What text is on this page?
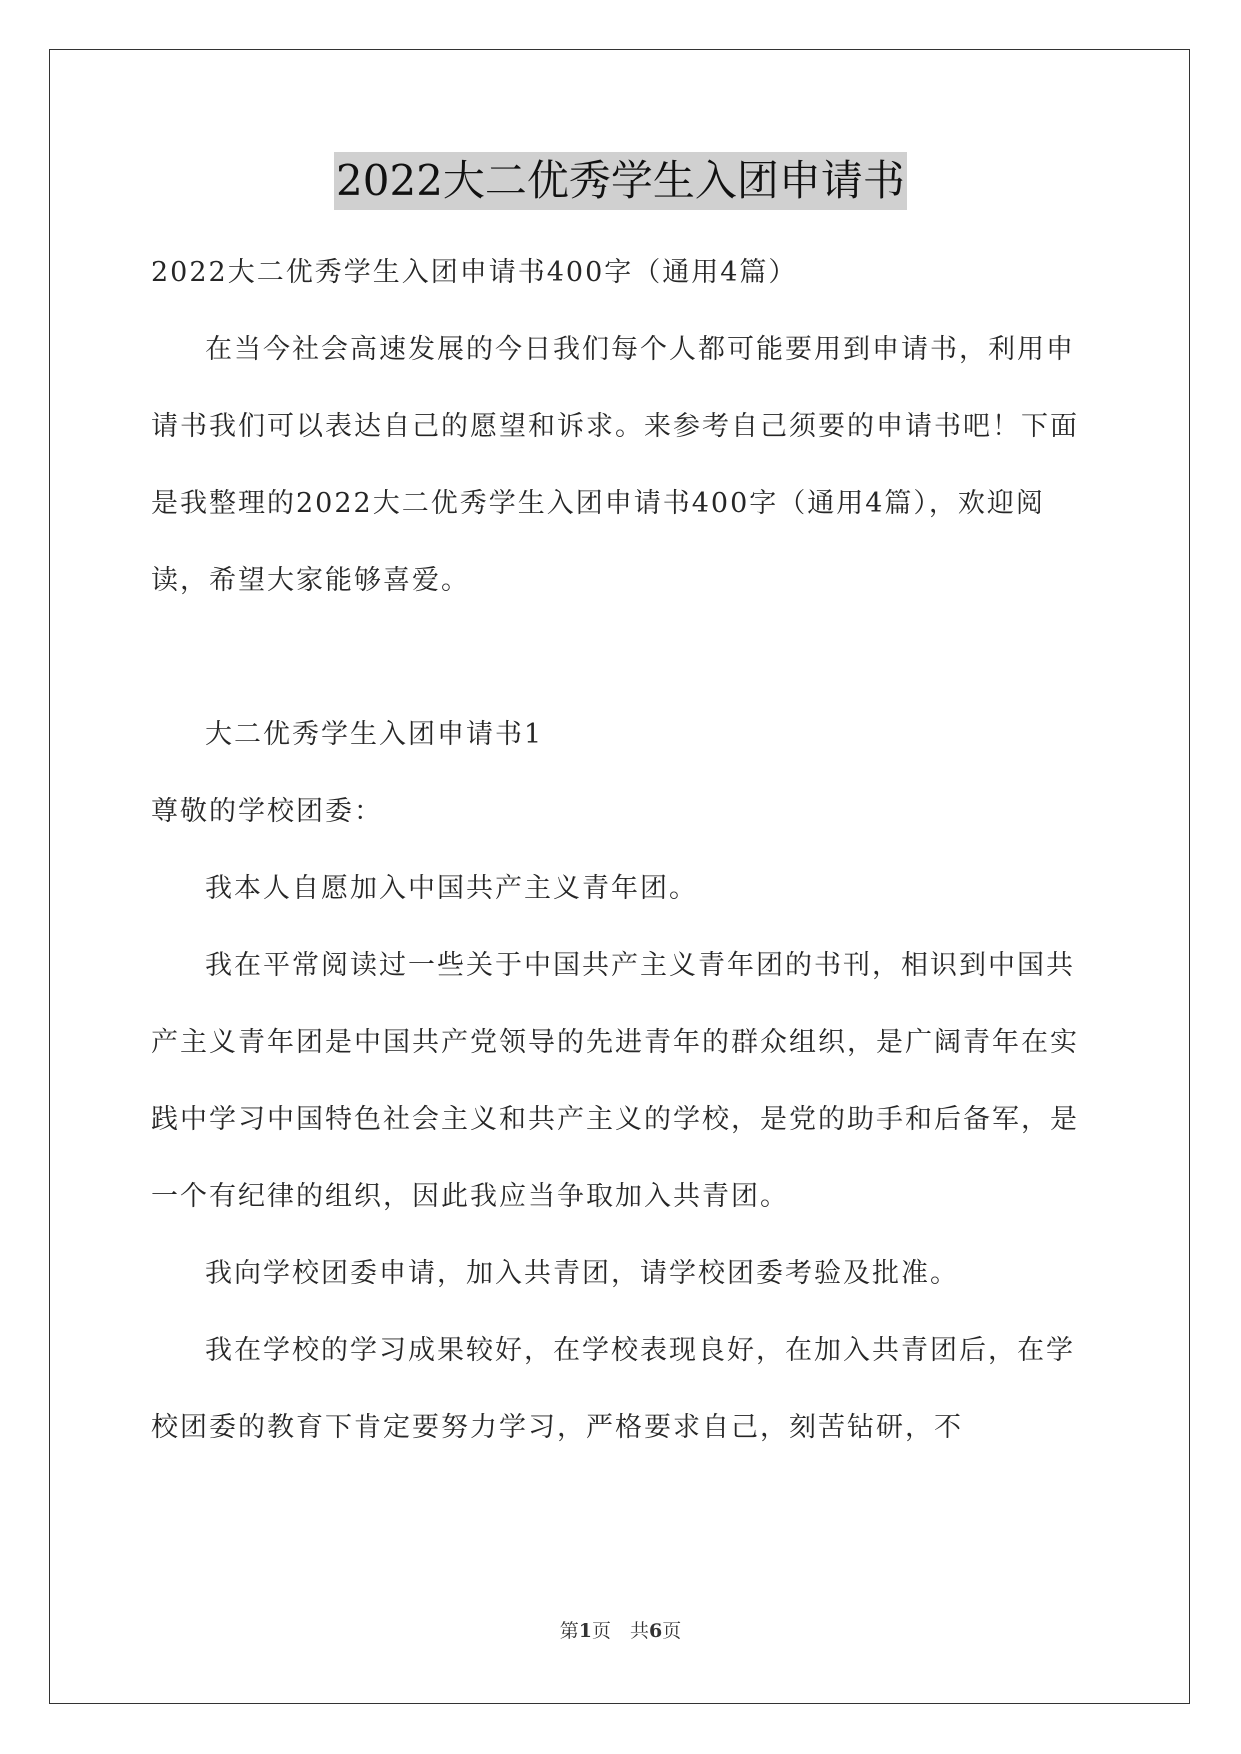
2022大二优秀学生入团申请书

2022大二优秀学生入团申请书400字（通用4篇）

在当今社会高速发展的今日我们每个人都可能要用到申请书，利用申请书我们可以表达自己的愿望和诉求。来参考自己须要的申请书吧！下面是我整理的2022大二优秀学生入团申请书400字（通用4篇），欢迎阅读，希望大家能够喜爱。

大二优秀学生入团申请书1

尊敬的学校团委：

我本人自愿加入中国共产主义青年团。

我在平常阅读过一些关于中国共产主义青年团的书刊，相识到中国共产主义青年团是中国共产党领导的先进青年的群众组织，是广阔青年在实践中学习中国特色社会主义和共产主义的学校，是党的助手和后备军，是一个有纪律的组织，因此我应当争取加入共青团。

我向学校团委申请，加入共青团，请学校团委考验及批准。

我在学校的学习成果较好，在学校表现良好，在加入共青团后，在学校团委的教育下肯定要努力学习，严格要求自己，刻苦钻研，不

第1页　共6页
